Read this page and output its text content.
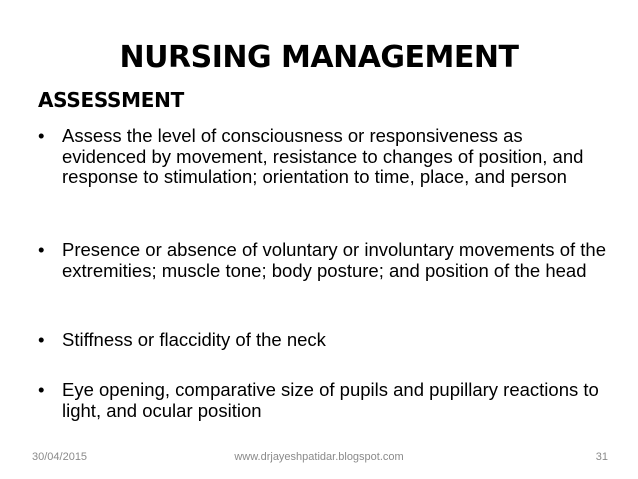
NURSING MANAGEMENT
ASSESSMENT
• Assess the level of consciousness or responsiveness as evidenced by movement, resistance to changes of position, and response to stimulation; orientation to time, place, and person
• Presence or absence of voluntary or involuntary movements of the extremities; muscle tone; body posture; and position of the head
• Stiffness or flaccidity of the neck
• Eye opening, comparative size of pupils and pupillary reactions to light, and ocular position
www.drjayeshpatidar.blogspot.com
30/04/2015	31
